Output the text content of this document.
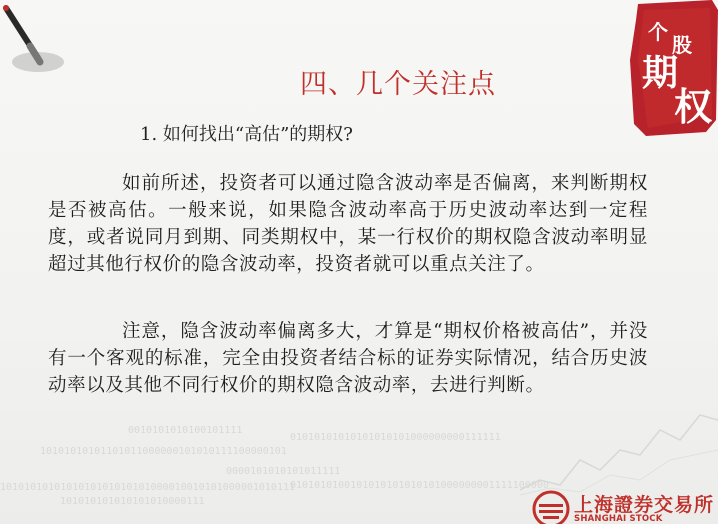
个
股
期
权
四、几个关注点
1. 如何找出“高估”的期权?
如前所述，投资者可以通过隐含波动率是否偏离，来判断期权是否被高估。一般来说，如果隐含波动率高于历史波动率达到一定程度，或者说同月到期、同类期权中，某一行权价的期权隐含波动率明显超过其他行权价的隐含波动率，投资者就可以重点关注了。
注意，隐含波动率偏离多大，才算是“期权价格被高估”，并没有一个客观的标准，完全由投资者结合标的证券实际情况，结合历史波动率以及其他不同行权价的期权隐含波动率，去进行判断。
0010101010100101111
01010101010101010101000000000111111
10101010101101011000000101010111100000101
0000101010101011111
1010101010101010101010101000010010101000001010111
0101010100101010101010101000000001111100000
101010101010101010000111	上海證券交易所
SHANGHAI STOCK
